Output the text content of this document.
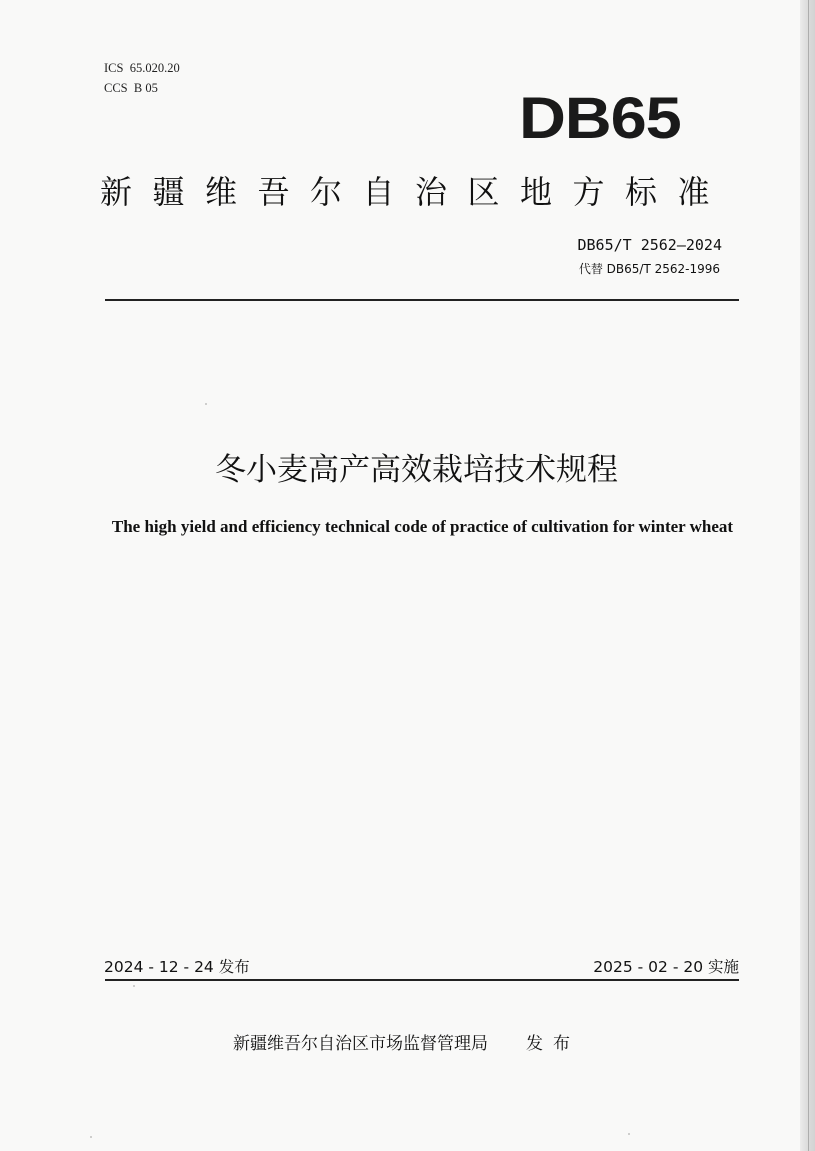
ICS  65.020.20
CCS  B 05	DB65
新疆维吾尔自治区地方标准
DB65/T 2562—2024
代替 DB65/T 2562-1996
冬小麦高产高效栽培技术规程
The high yield and efficiency technical code of practice of cultivation for winter wheat
2024 - 12 - 24 发布	2025 - 02 - 20 实施
新疆维吾尔自治区市场监督管理局 发布
